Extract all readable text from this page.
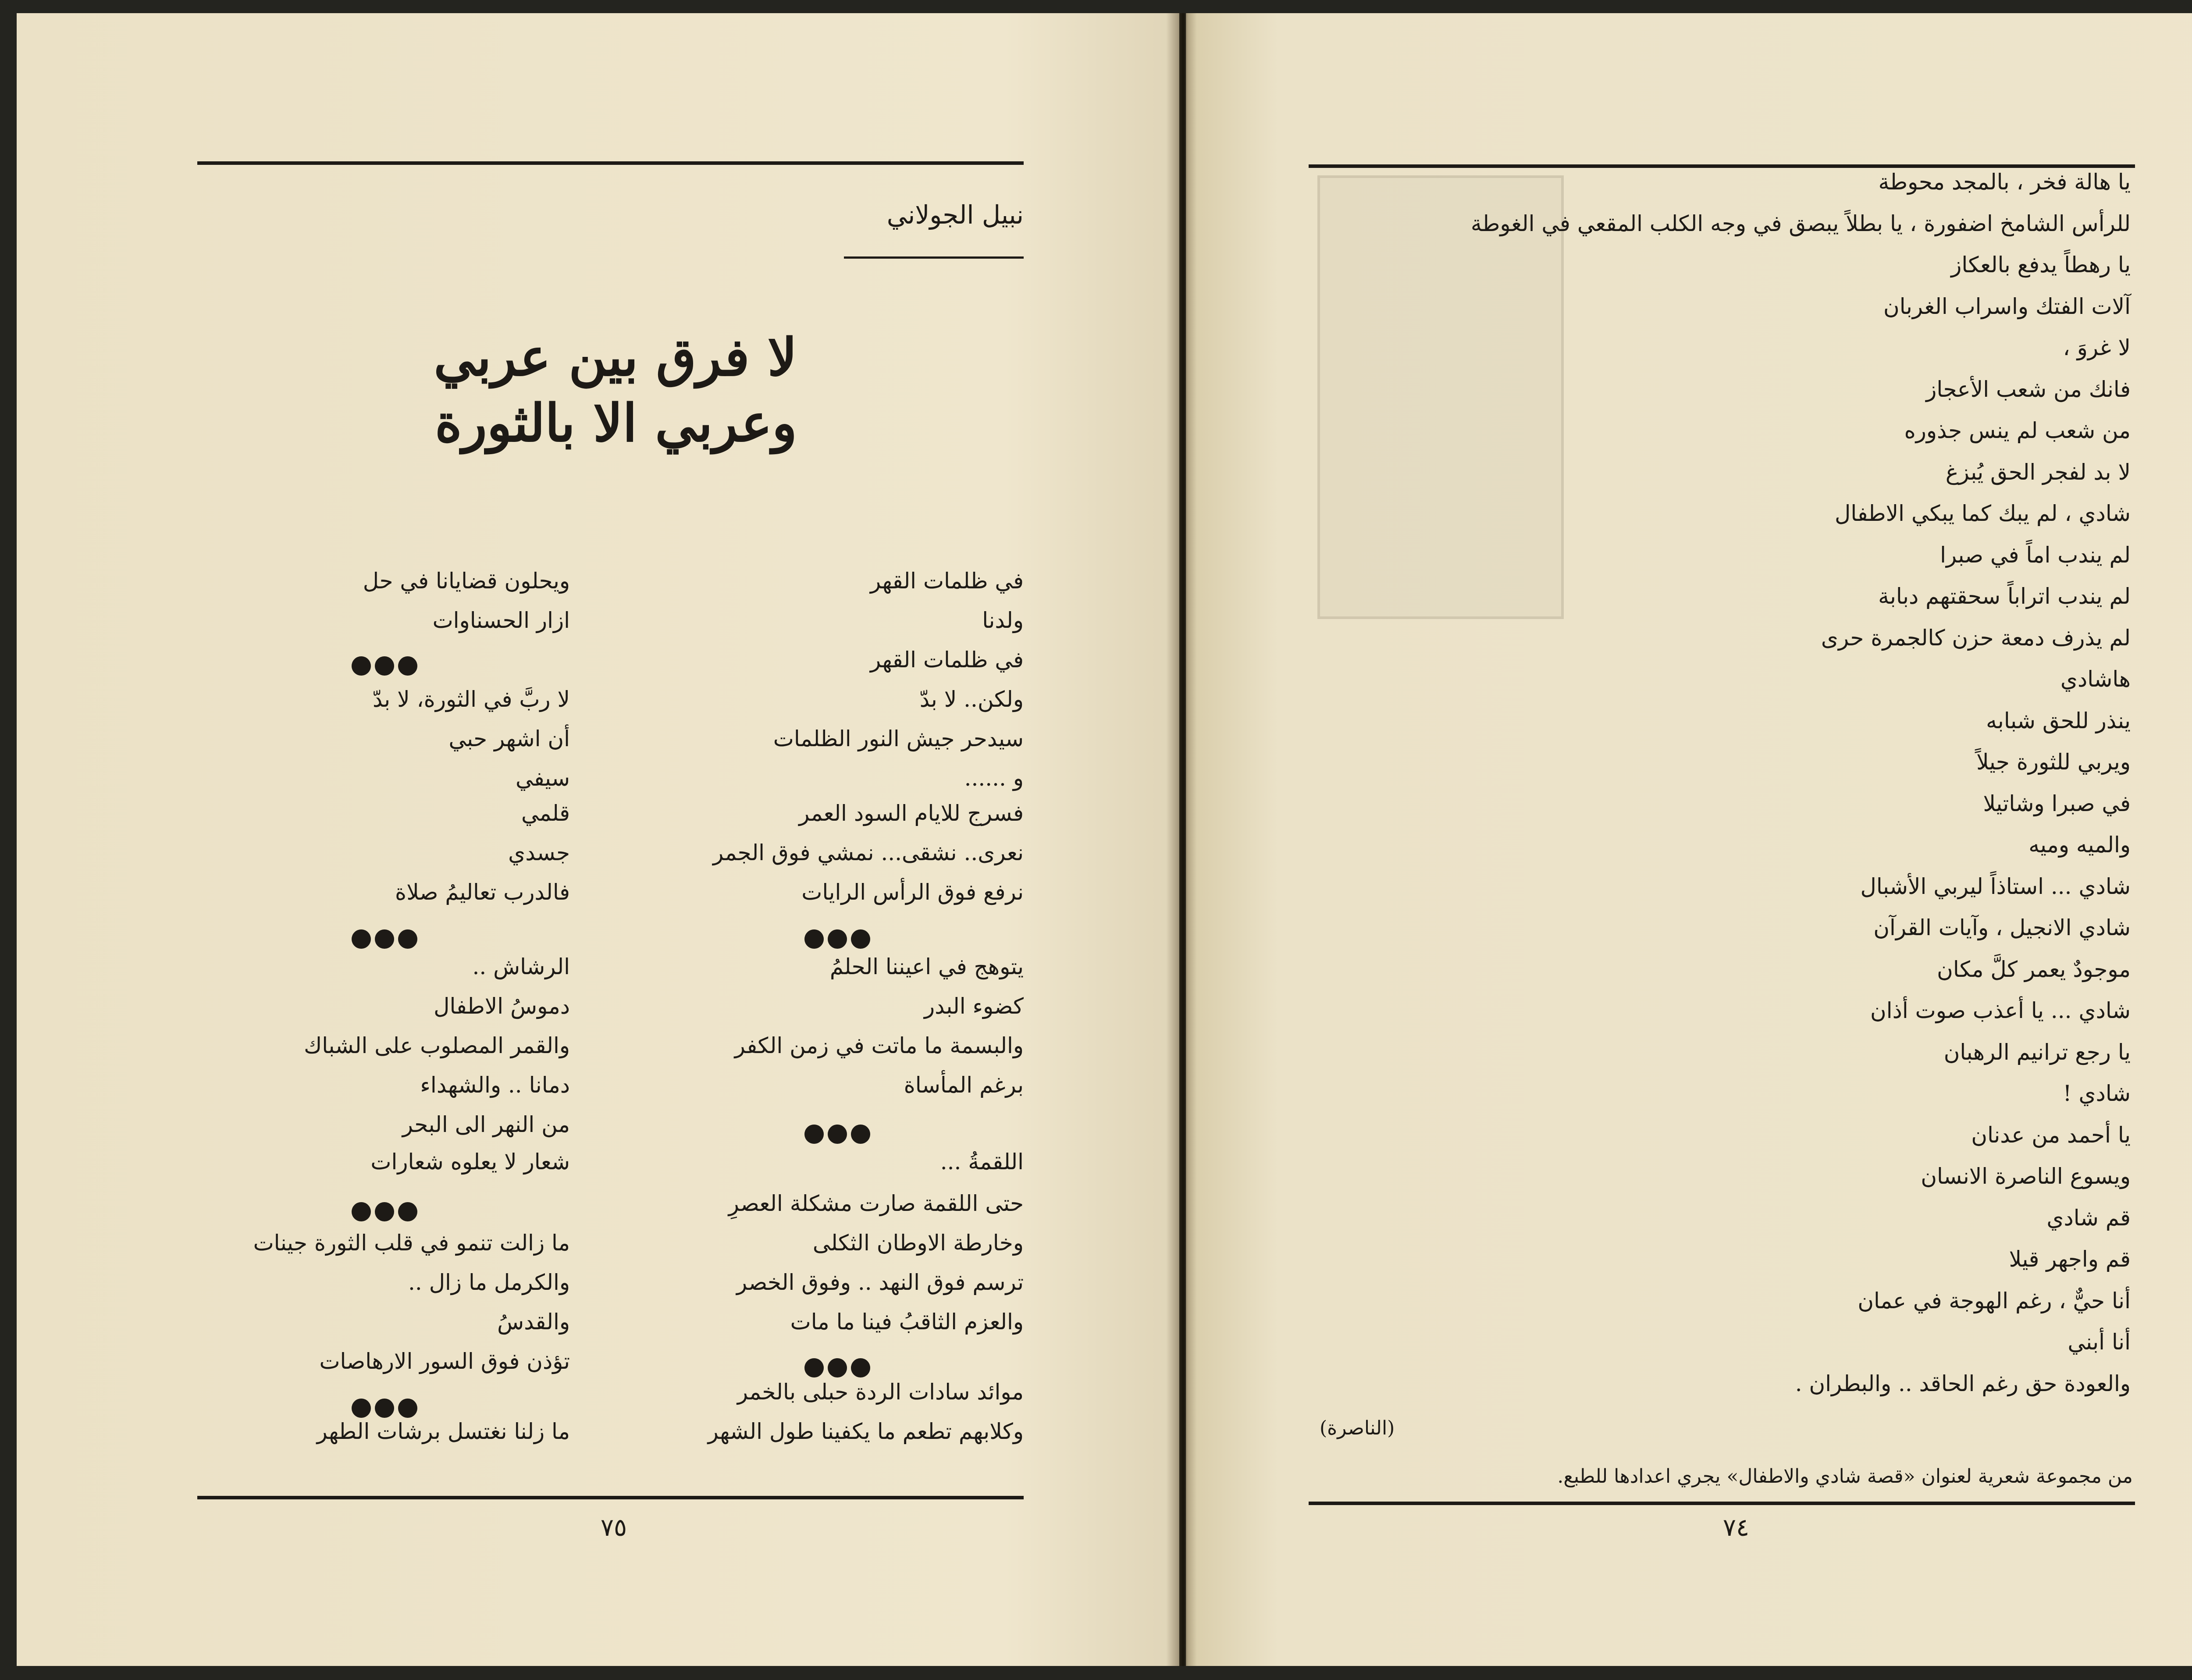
نبيل الجولاني
لا فرق بين عربي
وعربي الا بالثورة
في ظلمات القهر
ولدنا
في ظلمات القهر
ولكن.. لا بدّ
سيدحر جيش النور الظلمات
و ......
فسرج للايام السود العمر
نعرى.. نشقى... نمشي فوق الجمر
نرفع فوق الرأس الرايات
يتوهج في اعيننا الحلمُ
كضوء البدر
والبسمة ما ماتت في زمن الكفر
برغم المأساة
اللقمةُ ...
حتى اللقمة صارت مشكلة العصرِ
وخارطة الاوطان الثكلى
ترسم فوق النهد .. وفوق الخصر
والعزم الثاقبُ فينا ما مات
موائد سادات الردة حبلى بالخمر
وكلابهم تطعم ما يكفينا طول الشهر
ويحلون قضايانا في حل
ازار الحسناوات
لا ربَّ في الثورة، لا بدّ
أن اشهر حبي
سيفي
قلمي
جسدي
فالدرب تعاليمُ صلاة
الرشاش ..
دموسُ الاطفال
والقمر المصلوب على الشباك
دمانا .. والشهداء
من النهر الى البحر
شعار لا يعلوه شعارات
ما زالت تنمو في قلب الثورة جينات
والكرمل ما زال ..
والقدسُ
تؤذن فوق السور الارهاصات
ما زلنا نغتسل برشات الطهر
٧٥
يا هالة فخر ، بالمجد محوطة
للرأس الشامخ اضفورة ، يا بطلاً يبصق في وجه الكلب المقعي في الغوطة
يا رهطاً يدفع بالعكاز
آلات الفتك واسراب الغربان
لا غروَ ،
فانك من شعب الأعجاز
من شعب لم ينس جذوره
لا بد لفجر الحق يُبزغ
شادي ، لم يبك كما يبكي الاطفال
لم يندب اماً في صبرا
لم يندب اتراباً سحقتهم دبابة
لم يذرف دمعة حزن كالجمرة حرى
هاشادي
ينذر للحق شبابه
ويربي للثورة جيلاً
في صبرا وشاتيلا
والميه وميه
شادي ... استاذاً ليربي الأشبال
شادي الانجيل ، وآيات القرآن
موجودٌ يعمر كلَّ مكان
شادي ... يا أعذب صوت أذان
يا رجع ترانيم الرهبان
شادي !
يا أحمد من عدنان
ويسوع الناصرة الانسان
قم شادي
قم واجهر قيلا
أنا حيٌّ ، رغم الهوجة في عمان
أنا أبني
والعودة حق رغم الحاقد .. والبطران .
(الناصرة)
من مجموعة شعرية لعنوان «قصة شادي والاطفال» يجري اعدادها للطبع.
٧٤
